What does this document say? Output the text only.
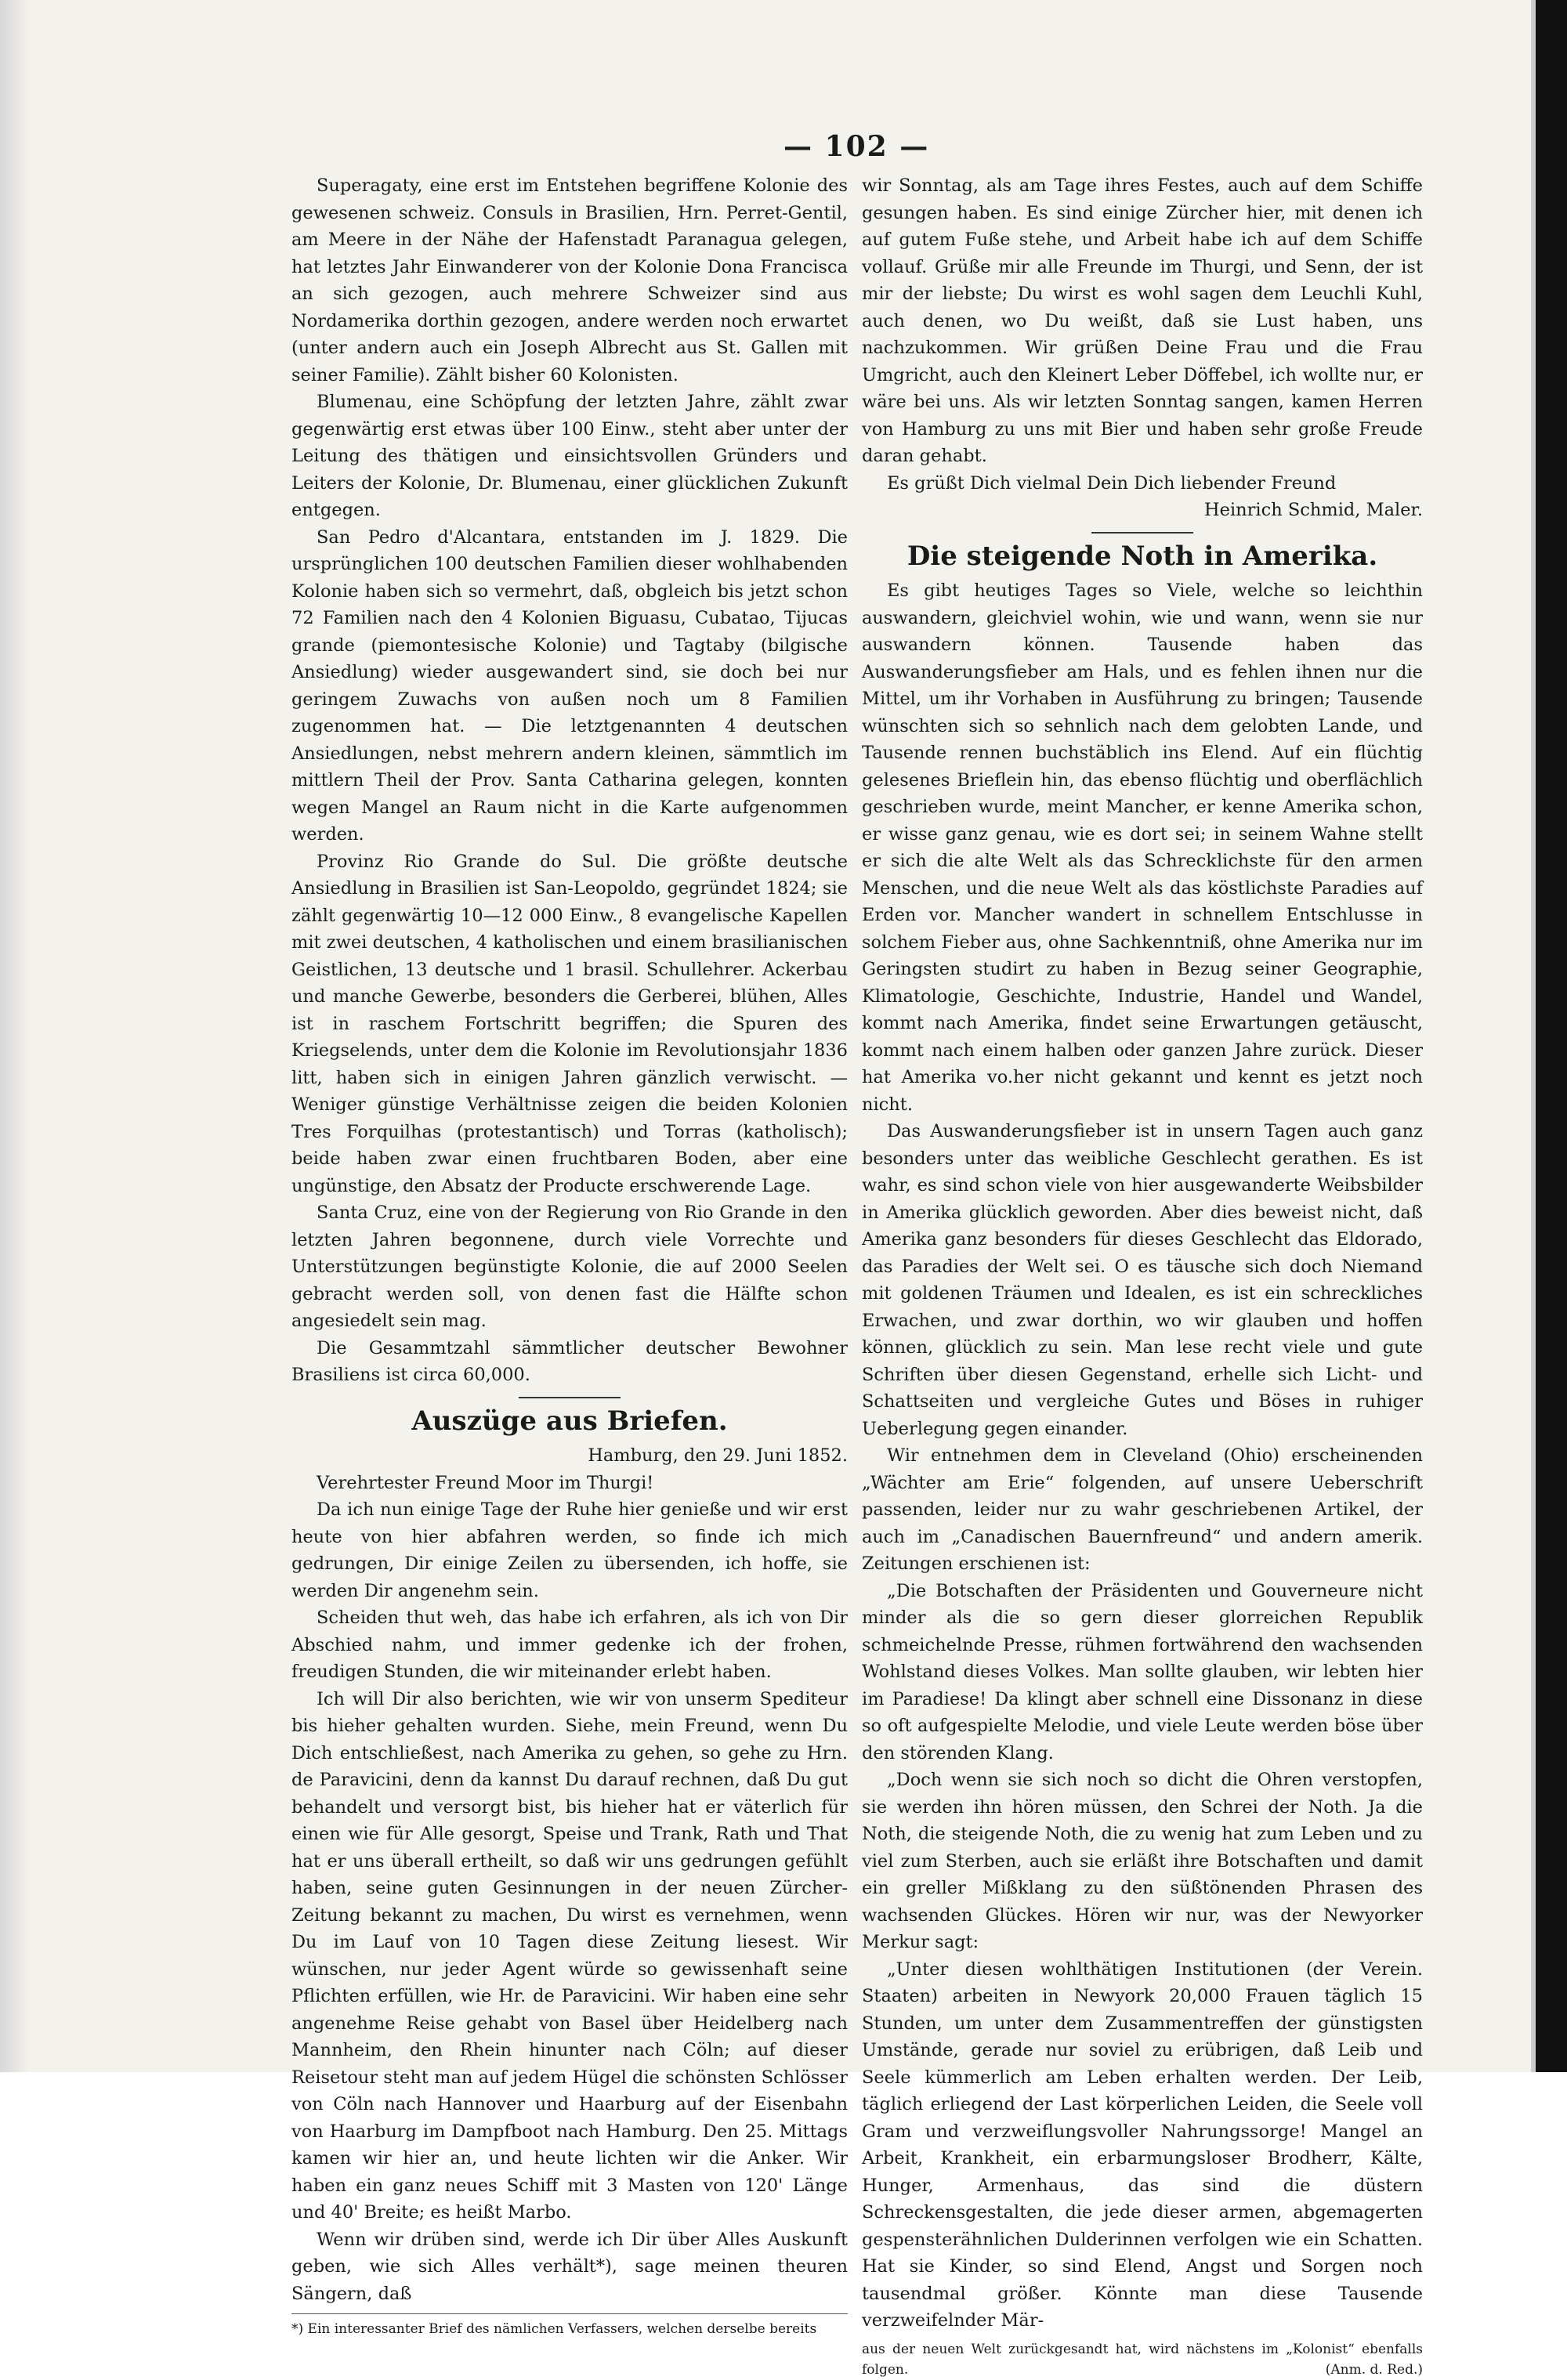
— 102 —

Superagaty, eine erst im Entstehen begriffene Kolonie des gewesenen schweiz. Consuls in Brasilien, Hrn. Perret-Gentil, am Meere in der Nähe der Hafenstadt Paranagua gelegen, hat letztes Jahr Einwanderer von der Kolonie Dona Francisca an sich gezogen, auch mehrere Schweizer sind aus Nordamerika dorthin gezogen, andere werden noch erwartet (unter andern auch ein Joseph Albrecht aus St. Gallen mit seiner Familie). Zählt bisher 60 Kolonisten.

Blumenau, eine Schöpfung der letzten Jahre, zählt zwar gegenwärtig erst etwas über 100 Einw., steht aber unter der Leitung des thätigen und einsichtsvollen Gründers und Leiters der Kolonie, Dr. Blumenau, einer glücklichen Zukunft entgegen.

San Pedro d'Alcantara, entstanden im J. 1829. Die ursprünglichen 100 deutschen Familien dieser wohlhabenden Kolonie haben sich so vermehrt, daß, obgleich bis jetzt schon 72 Familien nach den 4 Kolonien Biguasu, Cubatao, Tijucas grande (piemontesische Kolonie) und Tagtaby (bilgische Ansiedlung) wieder ausgewandert sind, sie doch bei nur geringem Zuwachs von außen noch um 8 Familien zugenommen hat. — Die letztgenannten 4 deutschen Ansiedlungen, nebst mehrern andern kleinen, sämmtlich im mittlern Theil der Prov. Santa Catharina gelegen, konnten wegen Mangel an Raum nicht in die Karte aufgenommen werden.

Provinz Rio Grande do Sul. Die größte deutsche Ansiedlung in Brasilien ist San-Leopoldo, gegründet 1824; sie zählt gegenwärtig 10—12 000 Einw., 8 evangelische Kapellen mit zwei deutschen, 4 katholischen und einem brasilianischen Geistlichen, 13 deutsche und 1 brasil. Schullehrer. Ackerbau und manche Gewerbe, besonders die Gerberei, blühen, Alles ist in raschem Fortschritt begriffen; die Spuren des Kriegselends, unter dem die Kolonie im Revolutionsjahr 1836 litt, haben sich in einigen Jahren gänzlich verwischt. — Weniger günstige Verhältnisse zeigen die beiden Kolonien Tres Forquilhas (protestantisch) und Torras (katholisch); beide haben zwar einen fruchtbaren Boden, aber eine ungünstige, den Absatz der Producte erschwerende Lage.

Santa Cruz, eine von der Regierung von Rio Grande in den letzten Jahren begonnene, durch viele Vorrechte und Unterstützungen begünstigte Kolonie, die auf 2000 Seelen gebracht werden soll, von denen fast die Hälfte schon angesiedelt sein mag.

Die Gesammtzahl sämmtlicher deutscher Bewohner Brasiliens ist circa 60,000.

Auszüge aus Briefen.

Hamburg, den 29. Juni 1852.

Verehrtester Freund Moor im Thurgi!

Da ich nun einige Tage der Ruhe hier genieße und wir erst heute von hier abfahren werden, so finde ich mich gedrungen, Dir einige Zeilen zu übersenden, ich hoffe, sie werden Dir angenehm sein.

Scheiden thut weh, das habe ich erfahren, als ich von Dir Abschied nahm, und immer gedenke ich der frohen, freudigen Stunden, die wir miteinander erlebt haben.

Ich will Dir also berichten, wie wir von unserm Spediteur bis hieher gehalten wurden. Siehe, mein Freund, wenn Du Dich entschließest, nach Amerika zu gehen, so gehe zu Hrn. de Paravicini, denn da kannst Du darauf rechnen, daß Du gut behandelt und versorgt bist, bis hieher hat er väterlich für einen wie für Alle gesorgt, Speise und Trank, Rath und That hat er uns überall ertheilt, so daß wir uns gedrungen gefühlt haben, seine guten Gesinnungen in der neuen Zürcher-Zeitung bekannt zu machen, Du wirst es vernehmen, wenn Du im Lauf von 10 Tagen diese Zeitung liesest. Wir wünschen, nur jeder Agent würde so gewissenhaft seine Pflichten erfüllen, wie Hr. de Paravicini. Wir haben eine sehr angenehme Reise gehabt von Basel über Heidelberg nach Mannheim, den Rhein hinunter nach Cöln; auf dieser Reisetour steht man auf jedem Hügel die schönsten Schlösser von Cöln nach Hannover und Haarburg auf der Eisenbahn von Haarburg im Dampfboot nach Hamburg. Den 25. Mittags kamen wir hier an, und heute lichten wir die Anker. Wir haben ein ganz neues Schiff mit 3 Masten von 120' Länge und 40' Breite; es heißt Marbo.

Wenn wir drüben sind, werde ich Dir über Alles Auskunft geben, wie sich Alles verhält*), sage meinen theuren Sängern, daß

*) Ein interessanter Brief des nämlichen Verfassers, welchen derselbe bereits

wir Sonntag, als am Tage ihres Festes, auch auf dem Schiffe gesungen haben. Es sind einige Zürcher hier, mit denen ich auf gutem Fuße stehe, und Arbeit habe ich auf dem Schiffe vollauf. Grüße mir alle Freunde im Thurgi, und Senn, der ist mir der liebste; Du wirst es wohl sagen dem Leuchli Kuhl, auch denen, wo Du weißt, daß sie Lust haben, uns nachzukommen. Wir grüßen Deine Frau und die Frau Umgricht, auch den Kleinert Leber Döffebel, ich wollte nur, er wäre bei uns. Als wir letzten Sonntag sangen, kamen Herren von Hamburg zu uns mit Bier und haben sehr große Freude daran gehabt.

Es grüßt Dich vielmal Dein Dich liebender Freund

Heinrich Schmid, Maler.

Die steigende Noth in Amerika.

Es gibt heutiges Tages so Viele, welche so leichthin auswandern, gleichviel wohin, wie und wann, wenn sie nur auswandern können. Tausende haben das Auswanderungsfieber am Hals, und es fehlen ihnen nur die Mittel, um ihr Vorhaben in Ausführung zu bringen; Tausende wünschten sich so sehnlich nach dem gelobten Lande, und Tausende rennen buchstäblich ins Elend. Auf ein flüchtig gelesenes Brieflein hin, das ebenso flüchtig und oberflächlich geschrieben wurde, meint Mancher, er kenne Amerika schon, er wisse ganz genau, wie es dort sei; in seinem Wahne stellt er sich die alte Welt als das Schrecklichste für den armen Menschen, und die neue Welt als das köstlichste Paradies auf Erden vor. Mancher wandert in schnellem Entschlusse in solchem Fieber aus, ohne Sachkenntniß, ohne Amerika nur im Geringsten studirt zu haben in Bezug seiner Geographie, Klimatologie, Geschichte, Industrie, Handel und Wandel, kommt nach Amerika, findet seine Erwartungen getäuscht, kommt nach einem halben oder ganzen Jahre zurück. Dieser hat Amerika vo.her nicht gekannt und kennt es jetzt noch nicht.

Das Auswanderungsfieber ist in unsern Tagen auch ganz besonders unter das weibliche Geschlecht gerathen. Es ist wahr, es sind schon viele von hier ausgewanderte Weibsbilder in Amerika glücklich geworden. Aber dies beweist nicht, daß Amerika ganz besonders für dieses Geschlecht das Eldorado, das Paradies der Welt sei. O es täusche sich doch Niemand mit goldenen Träumen und Idealen, es ist ein schreckliches Erwachen, und zwar dorthin, wo wir glauben und hoffen können, glücklich zu sein. Man lese recht viele und gute Schriften über diesen Gegenstand, erhelle sich Licht- und Schattseiten und vergleiche Gutes und Böses in ruhiger Ueberlegung gegen einander.

Wir entnehmen dem in Cleveland (Ohio) erscheinenden „Wächter am Erie“ folgenden, auf unsere Ueberschrift passenden, leider nur zu wahr geschriebenen Artikel, der auch im „Canadischen Bauernfreund“ und andern amerik. Zeitungen erschienen ist:

„Die Botschaften der Präsidenten und Gouverneure nicht minder als die so gern dieser glorreichen Republik schmeichelnde Presse, rühmen fortwährend den wachsenden Wohlstand dieses Volkes. Man sollte glauben, wir lebten hier im Paradiese! Da klingt aber schnell eine Dissonanz in diese so oft aufgespielte Melodie, und viele Leute werden böse über den störenden Klang.

„Doch wenn sie sich noch so dicht die Ohren verstopfen, sie werden ihn hören müssen, den Schrei der Noth. Ja die Noth, die steigende Noth, die zu wenig hat zum Leben und zu viel zum Sterben, auch sie erläßt ihre Botschaften und damit ein greller Mißklang zu den süßtönenden Phrasen des wachsenden Glückes. Hören wir nur, was der Newyorker Merkur sagt:

„Unter diesen wohlthätigen Institutionen (der Verein. Staaten) arbeiten in Newyork 20,000 Frauen täglich 15 Stunden, um unter dem Zusammentreffen der günstigsten Umstände, gerade nur soviel zu erübrigen, daß Leib und Seele kümmerlich am Leben erhalten werden. Der Leib, täglich erliegend der Last körperlichen Leiden, die Seele voll Gram und verzweiflungsvoller Nahrungssorge! Mangel an Arbeit, Krankheit, ein erbarmungsloser Brodherr, Kälte, Hunger, Armenhaus, das sind die düstern Schreckensgestalten, die jede dieser armen, abgemagerten gespensterähnlichen Dulderinnen verfolgen wie ein Schatten. Hat sie Kinder, so sind Elend, Angst und Sorgen noch tausendmal größer. Könnte man diese Tausende verzweifelnder Mär-

aus der neuen Welt zurückgesandt hat, wird nächstens im „Kolonist“ ebenfalls folgen.	(Anm. d. Red.)
